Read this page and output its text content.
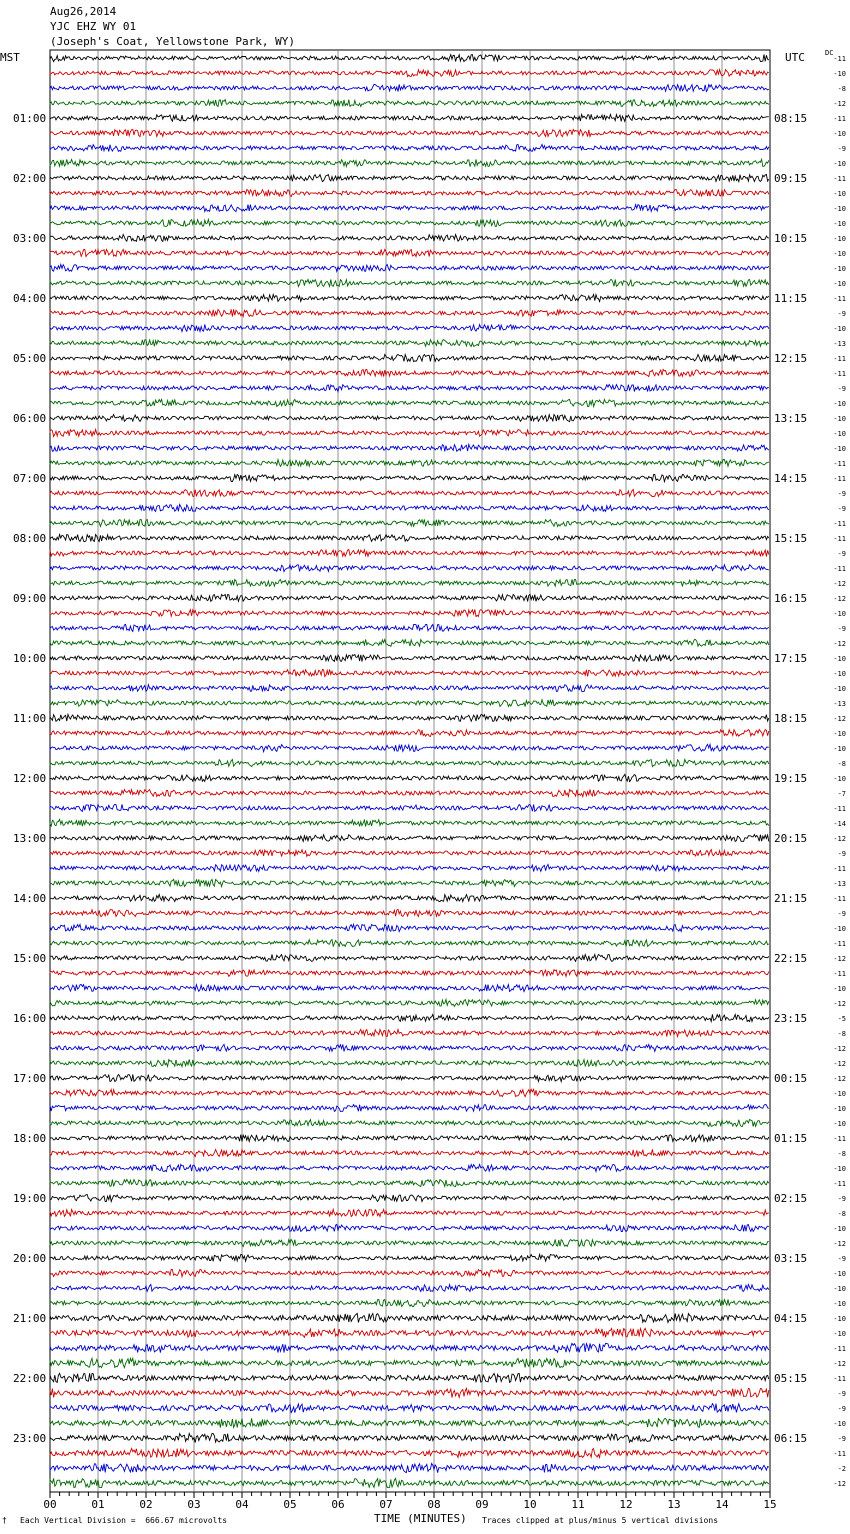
Aug26,2014
YJC EHZ WY 01
(Joseph's Coat, Yellowstone Park, WY)
MST	UTC	DC
01:00
02:00
03:00
04:00
05:00
06:00
07:00
08:00
09:00
10:00
11:00
12:00
13:00
14:00
15:00
16:00
17:00
18:00
19:00
20:00
21:00
22:00
23:00
08:15
09:15
10:15
11:15
12:15
13:15
14:15
15:15
16:15
17:15
18:15
19:15
20:15
21:15
22:15
23:15
00:15
01:15
02:15
03:15
04:15
05:15
06:15
-11
-10
-8
-12
-11
-10
-9
-10
-11
-10
-10
-10
-10
-10
-10
-10
-11
-9
-10
-13
-11
-11
-9
-10
-10
-10
-10
-11
-11
-9
-9
-11
-11
-9
-11
-12
-12
-10
-9
-12
-10
-10
-10
-13
-12
-10
-10
-8
-10
-7
-11
-14
-12
-9
-11
-13
-11
-9
-10
-11
-12
-11
-10
-12
-5
-8
-12
-12
-12
-10
-10
-10
-11
-8
-10
-11
-9
-8
-10
-12
-9
-10
-10
-10
-10
-10
-11
-12
-11
-9
-9
-10
-9
-11
-2
-12
00	01	02	03	04	05	06	07	08	09	10	11	12	13	14	15
† Each Vertical Division =  666.67 microvolts	TIME (MINUTES) Traces clipped at plus/minus 5 vertical divisions
